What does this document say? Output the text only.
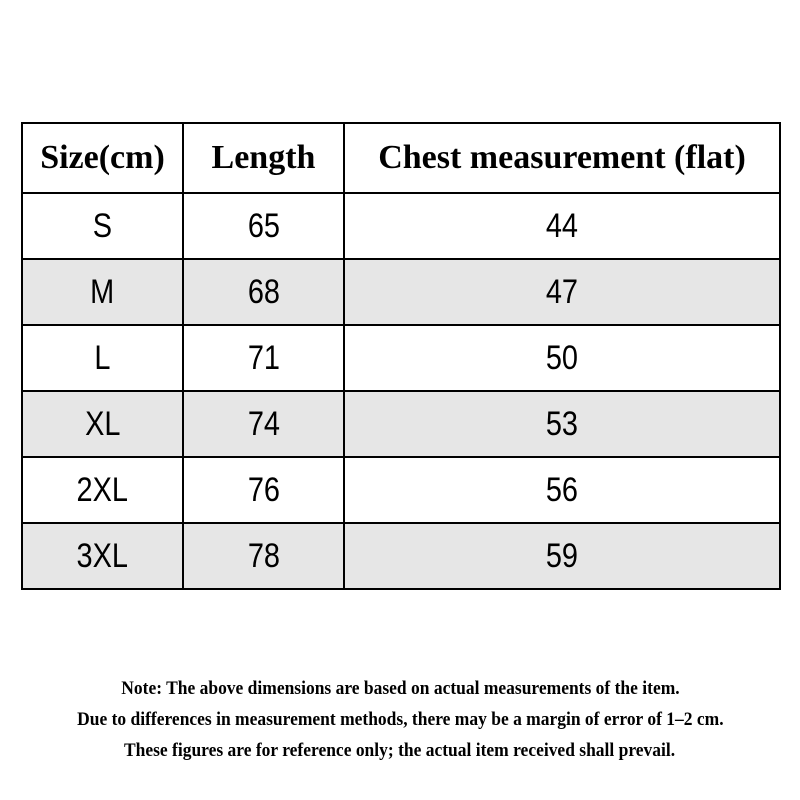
Size(cm)	Length	Chest measurement (flat)
S	65	44
M	68	47
L	71	50
XL	74	53
2XL	76	56
3XL	78	59
Note: The above dimensions are based on actual measurements of the item.
Due to differences in measurement methods, there may be a margin of error of 1–2 cm.
These figures are for reference only; the actual item received shall prevail.
